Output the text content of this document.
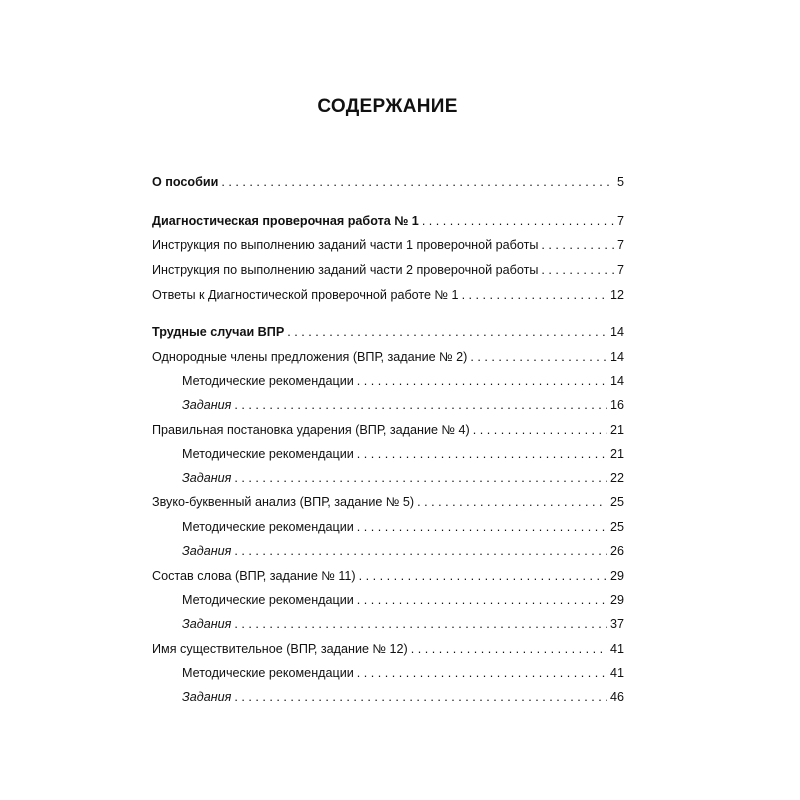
СОДЕРЖАНИЕ
О пособии . . .	5
Диагностическая проверочная работа № 1 . . .	7
Инструкция по выполнению заданий части 1 проверочной работы . . .	7
Инструкция по выполнению заданий части 2 проверочной работы . . .	7
Ответы к Диагностической проверочной работе № 1 . . .	12
Трудные случаи ВПР . . .	14
Однородные члены предложения (ВПР, задание № 2) . . .	14
Методические рекомендации . . .	14
Задания . . .	16
Правильная постановка ударения (ВПР, задание № 4) . . .	21
Методические рекомендации . . .	21
Задания . . .	22
Звуко-буквенный анализ (ВПР, задание № 5) . . .	25
Методические рекомендации . . .	25
Задания . . .	26
Состав слова (ВПР, задание № 11) . . .	29
Методические рекомендации . . .	29
Задания . . .	37
Имя существительное (ВПР, задание № 12) . . .	41
Методические рекомендации . . .	41
Задания . . .	46
